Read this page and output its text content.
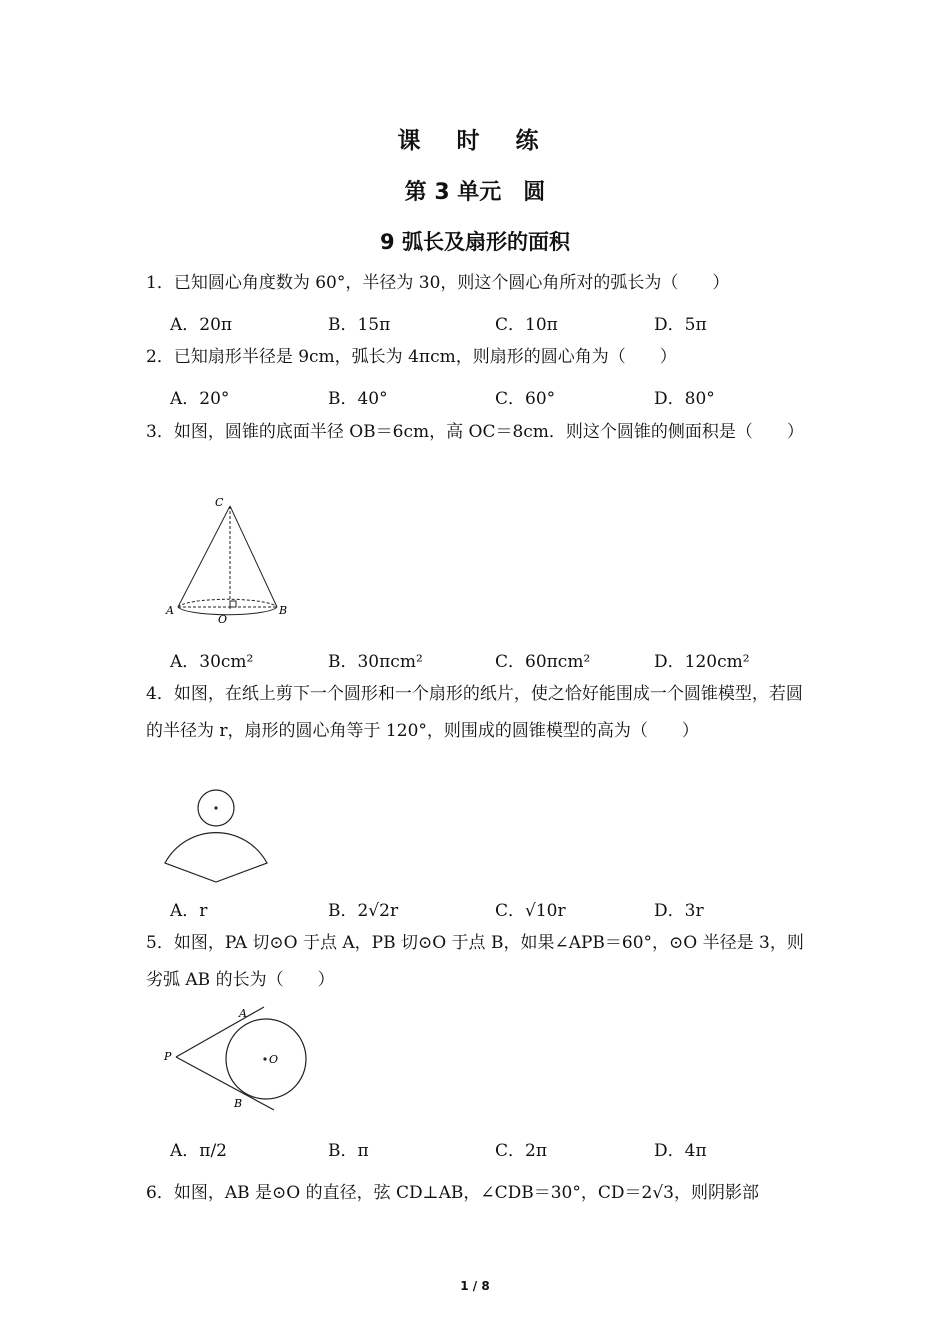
课 时 练
第 3 单元　圆
9 弧长及扇形的面积
1．已知圆心角度数为 60°，半径为 30，则这个圆心角所对的弧长为（　　）
A．20π	B．15π	C．10π	D．5π
2．已知扇形半径是 9cm，弧长为 4πcm，则扇形的圆心角为（　　）
A．20°	B．40°	C．60°	D．80°
3．如图，圆锥的底面半径 OB＝6cm，高 OC＝8cm．则这个圆锥的侧面积是（　　）
C
A
O
B
A．30cm²	B．30πcm²	C．60πcm²	D．120cm²
4．如图，在纸上剪下一个圆形和一个扇形的纸片，使之恰好能围成一个圆锥模型，若圆的半径为 r，扇形的圆心角等于 120°，则围成的圆锥模型的高为（　　）
A．r	B．2√2r	C．√10r	D．3r
5．如图，PA 切⊙O 于点 A，PB 切⊙O 于点 B，如果∠APB＝60°，⊙O 半径是 3，则劣弧 AB 的长为（　　）
A
P	O
B
A．π/2	B．π	C．2π	D．4π
6．如图，AB 是⊙O 的直径，弦 CD⊥AB，∠CDB＝30°，CD＝2√3，则阴影部
1 / 8
